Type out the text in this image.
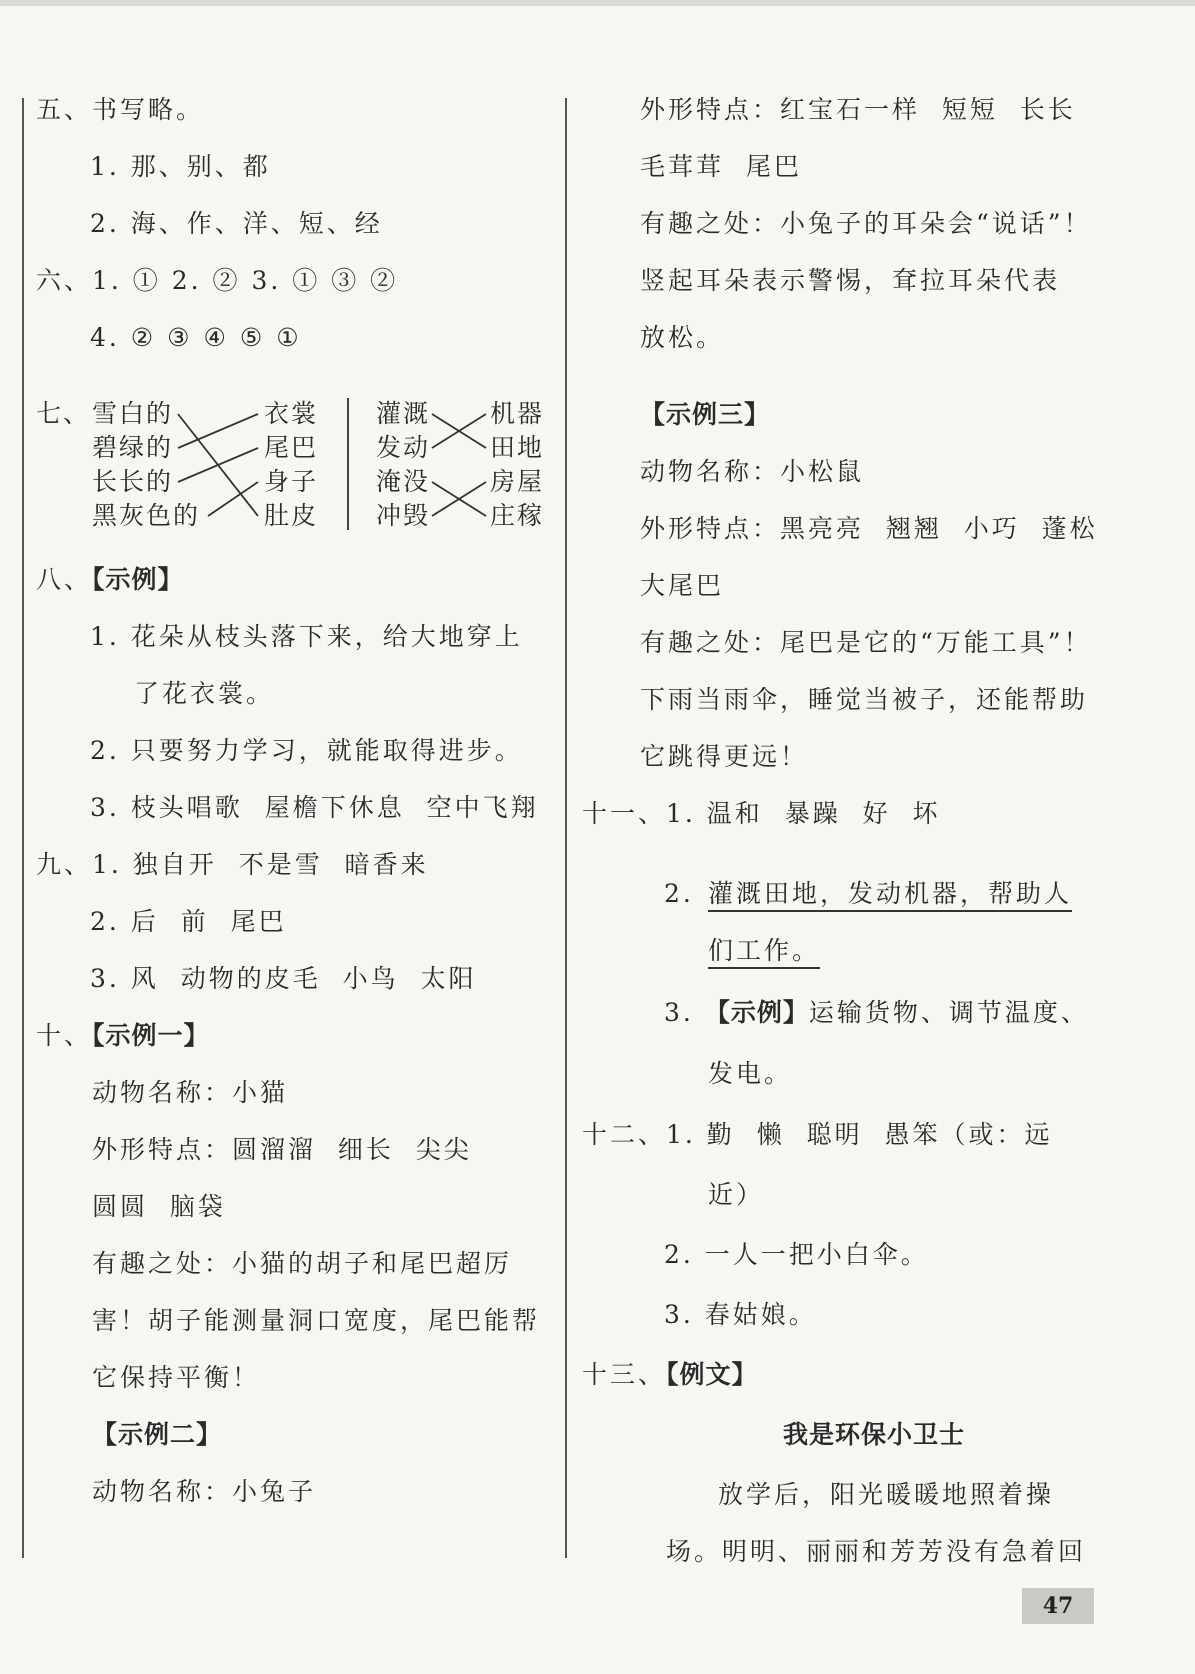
五、书写略。
1. 那、别、都
2. 海、作、洋、短、经
六、1. ① 2. ② 3. ① ③ ②
4. ② ③ ④ ⑤ ①
七、 雪白的
碧绿的
长长的
黑灰色的
衣裳
尾巴
身子
肚皮
灌溉
发动
淹没
冲毁
机器
田地
房屋
庄稼
八、【示例】
1. 花朵从枝头落下来，给大地穿上
了花衣裳。
2. 只要努力学习，就能取得进步。
3. 枝头唱歌  屋檐下休息  空中飞翔
九、1. 独自开  不是雪  暗香来
2. 后  前  尾巴
3. 风  动物的皮毛  小鸟  太阳
十、【示例一】
动物名称：小猫
外形特点：圆溜溜  细长  尖尖
圆圆  脑袋
有趣之处：小猫的胡子和尾巴超厉
害！胡子能测量洞口宽度，尾巴能帮
它保持平衡！
【示例二】
动物名称：小兔子
外形特点：红宝石一样  短短  长长
毛茸茸  尾巴
有趣之处：小兔子的耳朵会“说话”！
竖起耳朵表示警惕，耷拉耳朵代表
放松。
【示例三】
动物名称：小松鼠
外形特点：黑亮亮  翘翘  小巧  蓬松
大尾巴
有趣之处：尾巴是它的“万能工具”！
下雨当雨伞，睡觉当被子，还能帮助
它跳得更远！
十一、1. 温和  暴躁  好  坏
2. 灌溉田地，发动机器，帮助人
们工作。
3. 【示例】运输货物、调节温度、
发电。
十二、1. 勤  懒  聪明  愚笨（或：远
近）
2. 一人一把小白伞。
3. 春姑娘。
十三、【例文】
我是环保小卫士
放学后，阳光暖暖地照着操
场。明明、丽丽和芳芳没有急着回
47
